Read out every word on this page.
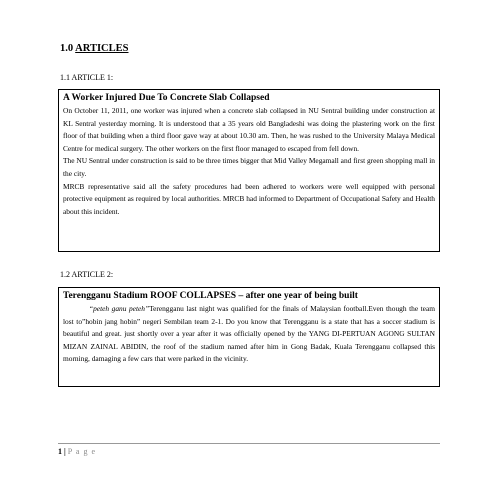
1.0 ARTICLES
1.1 ARTICLE 1:
A Worker Injured Due To Concrete Slab Collapsed

On October 11, 2011, one worker was injured when a concrete slab collapsed in NU Sentral building under construction at KL Sentral yesterday morning. It is understood that a 35 years old Bangladeshi was doing the plastering work on the first floor of that building when a third floor gave way at about 10.30 am. Then, he was rushed to the University Malaya Medical Centre for medical surgery. The other workers on the first floor managed to escaped from fell down.

The NU Sentral under construction is said to be three times bigger that Mid Valley Megamall and first green shopping mall in the city.

MRCB representative said all the safety procedures had been adhered to workers were well equipped with personal protective equipment as required by local authorities. MRCB had informed to Department of Occupational Safety and Health about this incident.

1.2 ARTICLE 2:
Terengganu Stadium ROOF COLLAPSES – after one year of being built

“peteh ganu peteh”Terengganu last night was qualified for the finals of Malaysian football.Even though the team lost to”hobin jang hobin” negeri Sembilan team 2-1. Do you know that Terengganu is a state that has a soccer stadium is beautiful and great. just shortly over a year after it was officially opened by the YANG DI-PERTUAN AGONG SULTAN MIZAN ZAINAL ABIDIN, the roof of the stadium named after him in Gong Badak, Kuala Terengganu collapsed this morning, damaging a few cars that were parked in the vicinity.

1 | P a g e
